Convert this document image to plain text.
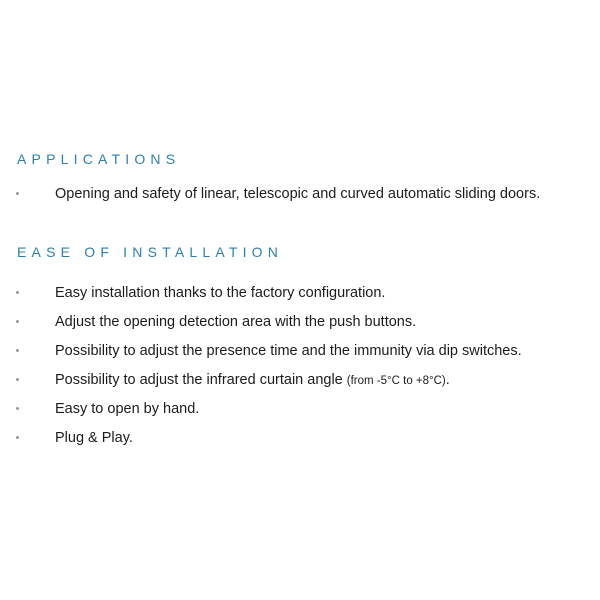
APPLICATIONS
Opening and safety of linear, telescopic and curved automatic sliding doors.
EASE OF INSTALLATION
Easy installation thanks to the factory configuration.
Adjust the opening detection area with the push buttons.
Possibility to adjust the presence time and the immunity via dip switches.
Possibility to adjust the infrared curtain angle (from -5°C to +8°C).
Easy to open by hand.
Plug & Play.
